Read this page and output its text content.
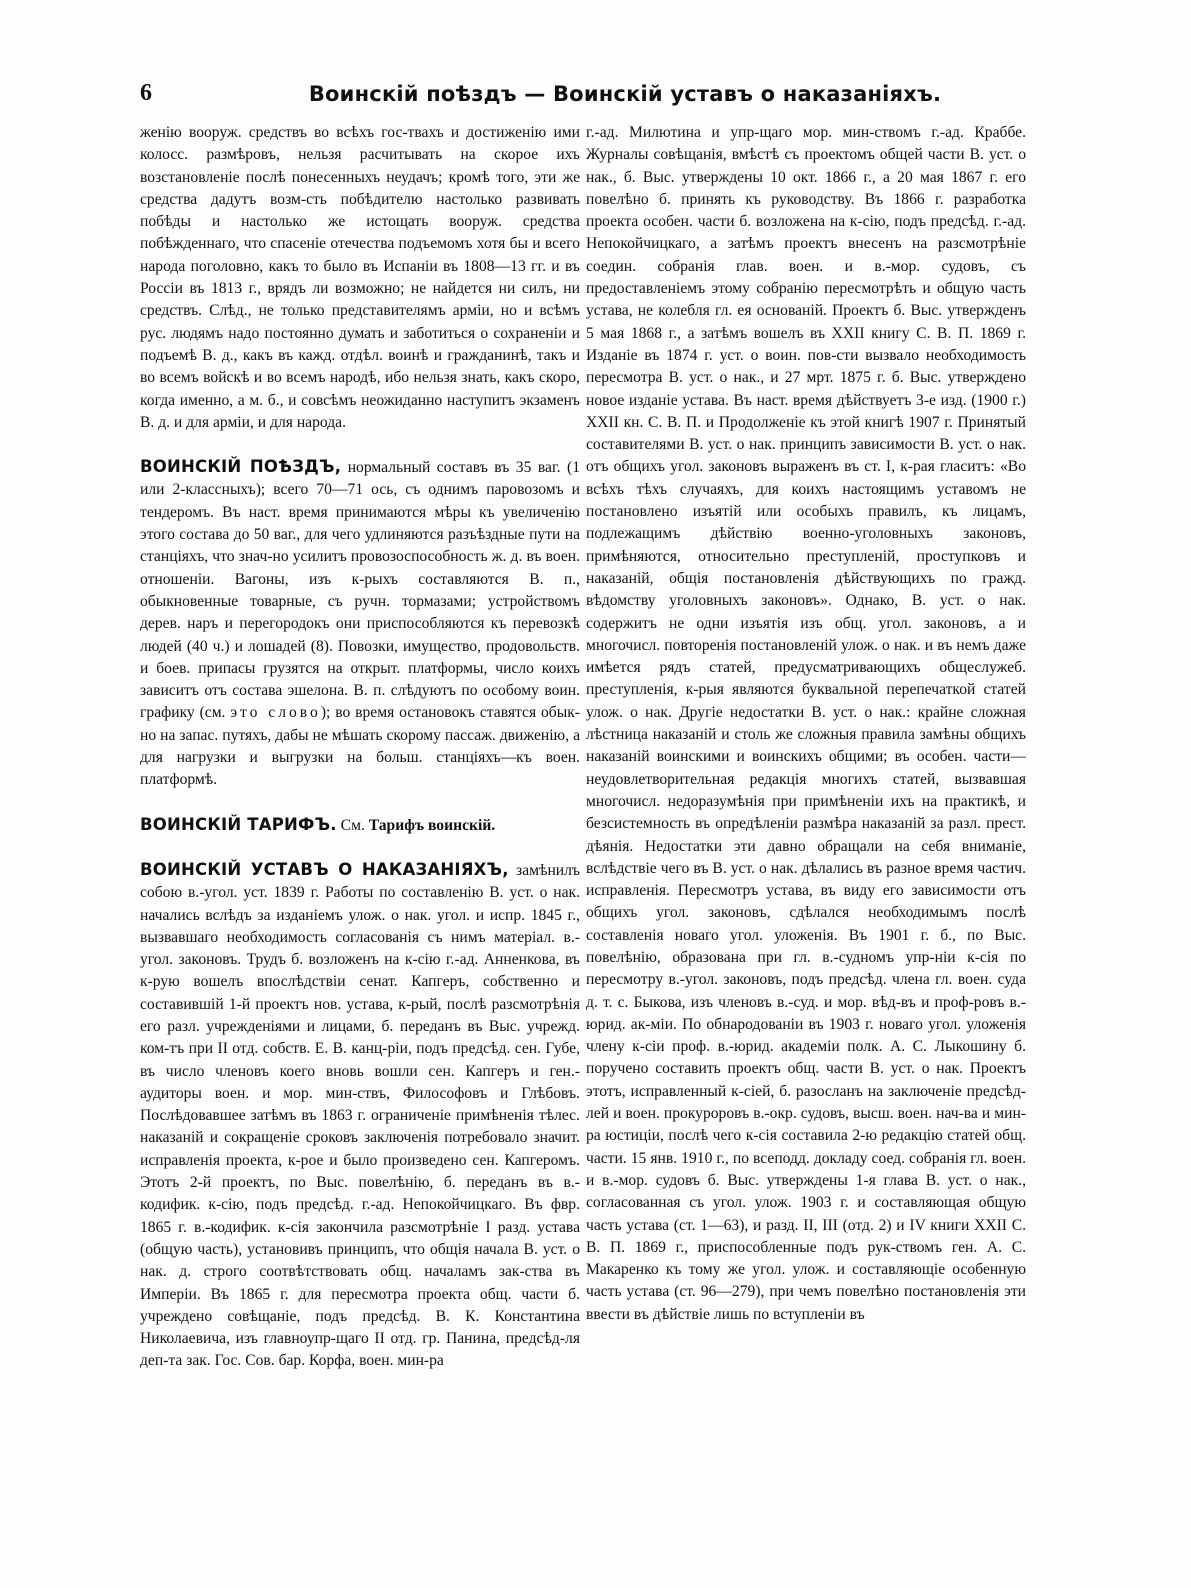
6	Воинскій поѣздъ — Воинскій уставъ о наказаніяхъ.

женію вооруж. средствъ во всѣхъ гос-твахъ и достиженію ими колосс. размѣровъ, нельзя расчитывать на скорое ихъ возстановленіе послѣ понесенныхъ неудачъ; кромѣ того, эти же средства дадутъ возм-сть побѣдителю настолько развивать побѣды и настолько же истощать вооруж. средства побѣжденнаго, что спасеніе отечества подъемомъ хотя бы и всего народа поголовно, какъ то было въ Испаніи въ 1808—13 гг. и въ Россіи въ 1813 г., врядъ ли возможно; не найдется ни силъ, ни средствъ. Слѣд., не только представителямъ арміи, но и всѣмъ рус. людямъ надо постоянно думать и заботиться о сохраненіи и подъемѣ В. д., какъ въ кажд. отдѣл. воинѣ и гражданинѣ, такъ и во всемъ войскѣ и во всемъ народѣ, ибо нельзя знать, какъ скоро, когда именно, а м. б., и совсѣмъ неожиданно наступитъ экзаменъ В. д. и для арміи, и для народа.

ВОИНСКІЙ ПОѢЗДЪ, нормальный составъ въ 35 ваг. (1 или 2-классныхъ); всего 70—71 ось, съ однимъ паровозомъ и тендеромъ. Въ наст. время принимаются мѣры къ увеличенію этого состава до 50 ваг., для чего удлиняются разъѣздные пути на станціяхъ, что знач-но усилитъ провозоспособность ж. д. въ воен. отношеніи. Вагоны, изъ к-рыхъ составляются В. п., обыкновенные товарные, съ ручн. тормазами; устройствомъ дерев. наръ и перегородокъ они приспособляются къ перевозкѣ людей (40 ч.) и лошадей (8). Повозки, имущество, продовольств. и боев. припасы грузятся на открыт. платформы, число коихъ зависитъ отъ состава эшелона. В. п. слѣдуютъ по особому воин. графику (см. это слово); во время остановокъ ставятся обык-но на запас. путяхъ, дабы не мѣшать скорому пассаж. движенію, а для нагрузки и выгрузки на больш. станціяхъ—къ воен. платформѣ.

ВОИНСКІЙ ТАРИФЪ. См. Тарифъ воинскій.

ВОИНСКІЙ УСТАВЪ О НАКАЗАНІЯХЪ, замѣнилъ собою в.-угол. уст. 1839 г. Работы по составленію В. уст. о нак. начались вслѣдъ за изданіемъ улож. о нак. угол. и испр. 1845 г., вызвавшаго необходимость согласованія съ нимъ матеріал. в.-угол. законовъ. Трудъ б. возложенъ на к-сію г.-ад. Анненкова, въ к-рую вошелъ впослѣдствіи сенат. Капгеръ, собственно и составившій 1-й проектъ нов. устава, к-рый, послѣ разсмотрѣнія его разл. учрежденіями и лицами, б. переданъ въ Выс. учрежд. ком-тъ при II отд. собств. Е. В. канц-ріи, подъ предсѣд. сен. Губе, въ число членовъ коего вновь вошли сен. Капгеръ и ген.-аудиторы воен. и мор. мин-ствъ, Философовъ и Глѣбовъ. Послѣдовавшее затѣмъ въ 1863 г. ограниченіе примѣненія тѣлес. наказаній и сокращеніе сроковъ заключенія потребовало значит. исправленія проекта, к-рое и было произведено сен. Капгеромъ. Этотъ 2-й проектъ, по Выс. повелѣнію, б. переданъ въ в.-кодифик. к-сію, подъ предсѣд. г.-ад. Непокойчицкаго. Въ фвр. 1865 г. в.-кодифик. к-сія закончила разсмотрѣніе I разд. устава (общую часть), установивъ принципъ, что общія начала В. уст. о нак. д. строго соотвѣтствовать общ. началамъ зак-ства въ Имперіи. Въ 1865 г. для пересмотра проекта общ. части б. учреждено совѣщаніе, подъ предсѣд. В. К. Константина Николаевича, изъ главноупр-щаго II отд. гр. Панина, предсѣд-ля деп-та зак. Гос. Сов. бар. Корфа, воен. мин-ра

г.-ад. Милютина и упр-щаго мор. мин-ствомъ г.-ад. Краббе. Журналы совѣщанія, вмѣстѣ съ проектомъ общей части В. уст. о нак., б. Выс. утверждены 10 окт. 1866 г., а 20 мая 1867 г. его повелѣно б. принять къ руководству. Въ 1866 г. разработка проекта особен. части б. возложена на к-сію, подъ предсѣд. г.-ад. Непокойчицкаго, а затѣмъ проектъ внесенъ на разсмотрѣніе соедин. собранія глав. воен. и в.-мор. судовъ, съ предоставленіемъ этому собранію пересмотрѣть и общую часть устава, не колебля гл. ея основаній. Проектъ б. Выс. утвержденъ 5 мая 1868 г., а затѣмъ вошелъ въ XXII книгу С. В. П. 1869 г. Изданіе въ 1874 г. уст. о воин. пов-сти вызвало необходимость пересмотра В. уст. о нак., и 27 мрт. 1875 г. б. Выс. утверждено новое изданіе устава. Въ наст. время дѣйствуетъ 3-е изд. (1900 г.) XXII кн. С. В. П. и Продолженіе къ этой книгѣ 1907 г. Принятый составителями В. уст. о нак. принципъ зависимости В. уст. о нак. отъ общихъ угол. законовъ выраженъ въ ст. I, к-рая гласитъ: «Во всѣхъ тѣхъ случаяхъ, для коихъ настоящимъ уставомъ не постановлено изъятій или особыхъ правилъ, къ лицамъ, подлежащимъ дѣйствію военно-уголовныхъ законовъ, примѣняются, относительно преступленій, проступковъ и наказаній, общія постановленія дѣйствующихъ по гражд. вѣдомству уголовныхъ законовъ». Однако, В. уст. о нак. содержитъ не одни изъятія изъ общ. угол. законовъ, а и многочисл. повторенія постановленій улож. о нак. и въ немъ даже имѣется рядъ статей, предусматривающихъ общеслужеб. преступленія, к-рыя являются буквальной перепечаткой статей улож. о нак. Другіе недостатки В. уст. о нак.: крайне сложная лѣстница наказаній и столь же сложныя правила замѣны общихъ наказаній воинскими и воинскихъ общими; въ особен. части—неудовлетворительная редакція многихъ статей, вызвавшая многочисл. недоразумѣнія при примѣненіи ихъ на практикѣ, и безсистемность въ опредѣленіи размѣра наказаній за разл. прест. дѣянія. Недостатки эти давно обращали на себя вниманіе, вслѣдствіе чего въ В. уст. о нак. дѣлались въ разное время частич. исправленія. Пересмотръ устава, въ виду его зависимости отъ общихъ угол. законовъ, сдѣлался необходимымъ послѣ составленія новаго угол. уложенія. Въ 1901 г. б., по Выс. повелѣнію, образована при гл. в.-судномъ упр-ніи к-сія по пересмотру в.-угол. законовъ, подъ предсѣд. члена гл. воен. суда д. т. с. Быкова, изъ членовъ в.-суд. и мор. вѣд-въ и проф-ровъ в.-юрид. ак-міи. По обнародованіи въ 1903 г. новаго угол. уложенія члену к-сіи проф. в.-юрид. академіи полк. А. С. Лыкошину б. поручено составить проектъ общ. части В. уст. о нак. Проектъ этотъ, исправленный к-сіей, б. разосланъ на заключеніе предсѣд-лей и воен. прокуроровъ в.-окр. судовъ, высш. воен. нач-ва и мин-ра юстиціи, послѣ чего к-сія составила 2-ю редакцію статей общ. части. 15 янв. 1910 г., по всеподд. докладу соед. собранія гл. воен. и в.-мор. судовъ б. Выс. утверждены 1-я глава В. уст. о нак., согласованная съ угол. улож. 1903 г. и составляющая общую часть устава (ст. 1—63), и разд. II, III (отд. 2) и IV книги XXII С. В. П. 1869 г., приспособленные подъ рук-ствомъ ген. А. С. Макаренко къ тому же угол. улож. и составляющіе особенную часть устава (ст. 96—279), при чемъ повелѣно постановленія эти ввести въ дѣйствіе лишь по вступленіи въ
